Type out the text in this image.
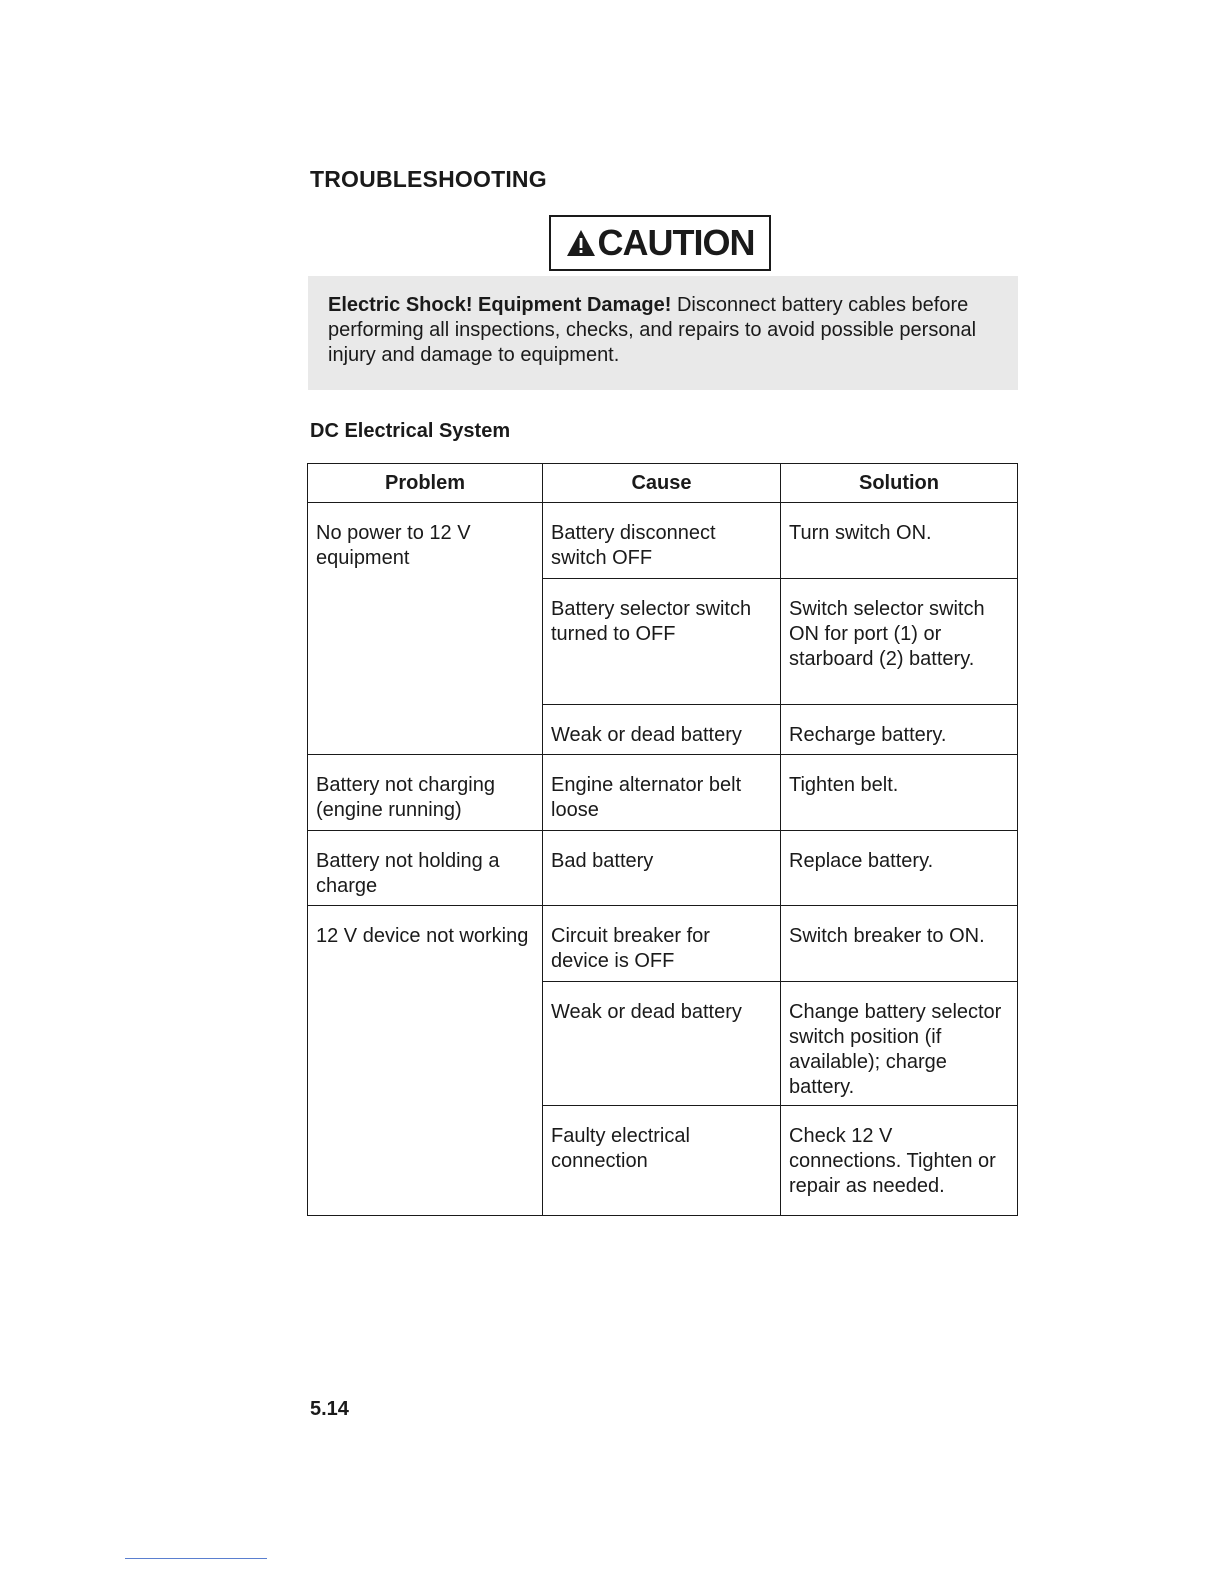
TROUBLESHOOTING
CAUTION
Electric Shock! Equipment Damage! Disconnect battery cables before performing all inspections, checks, and repairs to avoid possible personal injury and damage to equipment.
DC Electrical System
Problem	Cause	Solution
No power to 12 V equipment	Battery disconnect switch OFF	Turn switch ON.
	Battery selector switch turned to OFF	Switch selector switch ON for port (1) or starboard (2) battery.
	Weak or dead battery	Recharge battery.
Battery not charging (engine running)	Engine alternator belt loose	Tighten belt.
Battery not holding a charge	Bad battery	Replace battery.
12 V device not working	Circuit breaker for device is OFF	Switch breaker to ON.
	Weak or dead battery	Change battery selector switch position (if available); charge battery.
	Faulty electrical connection	Check 12 V connections. Tighten or repair as needed.
5.14
